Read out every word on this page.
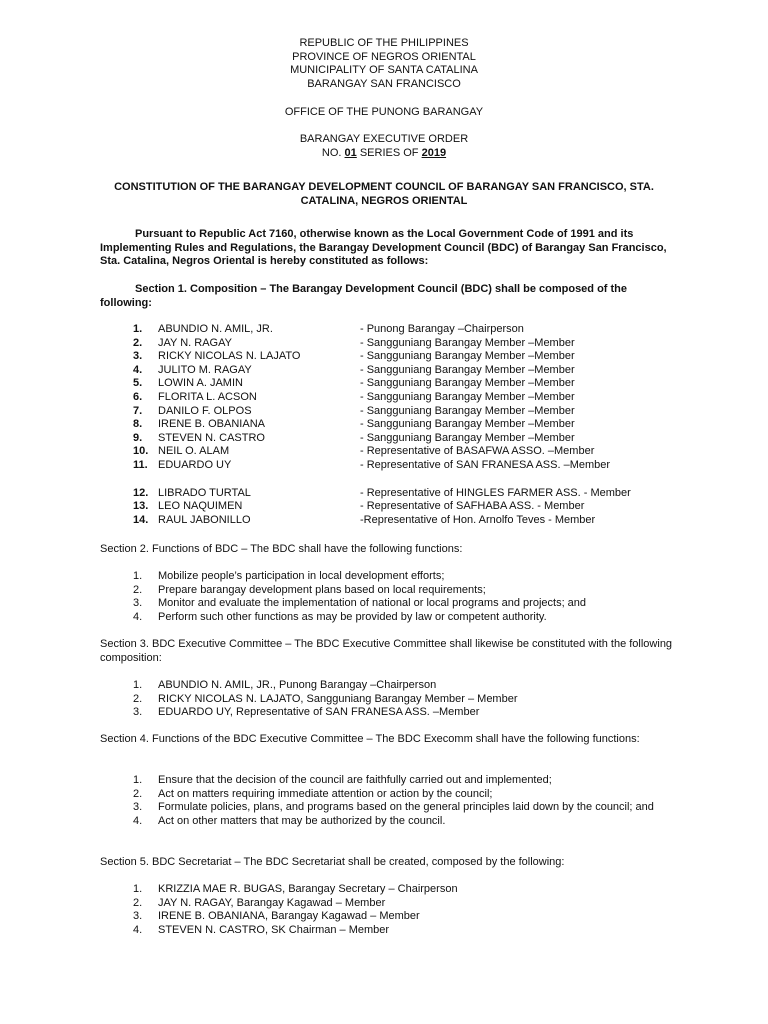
REPUBLIC OF THE PHILIPPINES
PROVINCE OF NEGROS ORIENTAL
MUNICIPALITY OF SANTA CATALINA
BARANGAY SAN FRANCISCO
OFFICE OF THE PUNONG BARANGAY
BARANGAY EXECUTIVE ORDER
NO. 01 SERIES OF 2019
CONSTITUTION OF THE BARANGAY DEVELOPMENT COUNCIL OF BARANGAY SAN FRANCISCO, STA. CATALINA, NEGROS ORIENTAL
Pursuant to Republic Act 7160, otherwise known as the Local Government Code of 1991 and its Implementing Rules and Regulations, the Barangay Development Council (BDC) of Barangay San Francisco, Sta. Catalina, Negros Oriental is hereby constituted as follows:
Section 1. Composition – The Barangay Development Council (BDC) shall be composed of the following:
1.	ABUNDIO N. AMIL, JR.	- Punong Barangay –Chairperson
2.	JAY N. RAGAY	- Sangguniang Barangay Member –Member
3.	RICKY NICOLAS N. LAJATO	- Sangguniang Barangay Member –Member
4.	JULITO M. RAGAY	- Sangguniang Barangay Member –Member
5.	LOWIN A. JAMIN	- Sangguniang Barangay Member –Member
6.	FLORITA L. ACSON	- Sangguniang Barangay Member –Member
7.	DANILO F. OLPOS	- Sangguniang Barangay Member –Member
8.	IRENE B. OBANIANA	- Sangguniang Barangay Member –Member
9.	STEVEN N. CASTRO	- Sangguniang Barangay Member –Member
10. NEIL O. ALAM	- Representative of BASAFWA ASSO. –Member
11. EDUARDO UY	- Representative of SAN FRANESA ASS. –Member
12. LIBRADO TURTAL	- Representative of HINGLES FARMER ASS. - Member
13. LEO NAQUIMEN	- Representative of SAFHABA ASS. - Member
14. RAUL JABONILLO	-Representative of Hon. Arnolfo Teves - Member
Section 2. Functions of BDC – The BDC shall have the following functions:
1.	Mobilize people’s participation in local development efforts;
2.	Prepare barangay development plans based on local requirements;
3.	Monitor and evaluate the implementation of national or local programs and projects; and
4.	Perform such other functions as may be provided by law or competent authority.
Section 3. BDC Executive Committee – The BDC Executive Committee shall likewise be constituted with the following composition:
1.	ABUNDIO N. AMIL, JR., Punong Barangay –Chairperson
2.	RICKY NICOLAS N. LAJATO, Sangguniang Barangay Member – Member
3.	EDUARDO UY, Representative of SAN FRANESA ASS. –Member
Section 4. Functions of the BDC Executive Committee – The BDC Execomm shall have the following functions:
1.	Ensure that the decision of the council are faithfully carried out and implemented;
2.	Act on matters requiring immediate attention or action by the council;
3.	Formulate policies, plans, and programs based on the general principles laid down by the council; and
4.	Act on other matters that may be authorized by the council.
Section 5. BDC Secretariat – The BDC Secretariat shall be created, composed by the following:
1.	KRIZZIA MAE R. BUGAS, Barangay Secretary – Chairperson
2.	JAY N. RAGAY, Barangay Kagawad – Member
3.	IRENE B. OBANIANA, Barangay Kagawad – Member
4.	STEVEN N. CASTRO, SK Chairman – Member
